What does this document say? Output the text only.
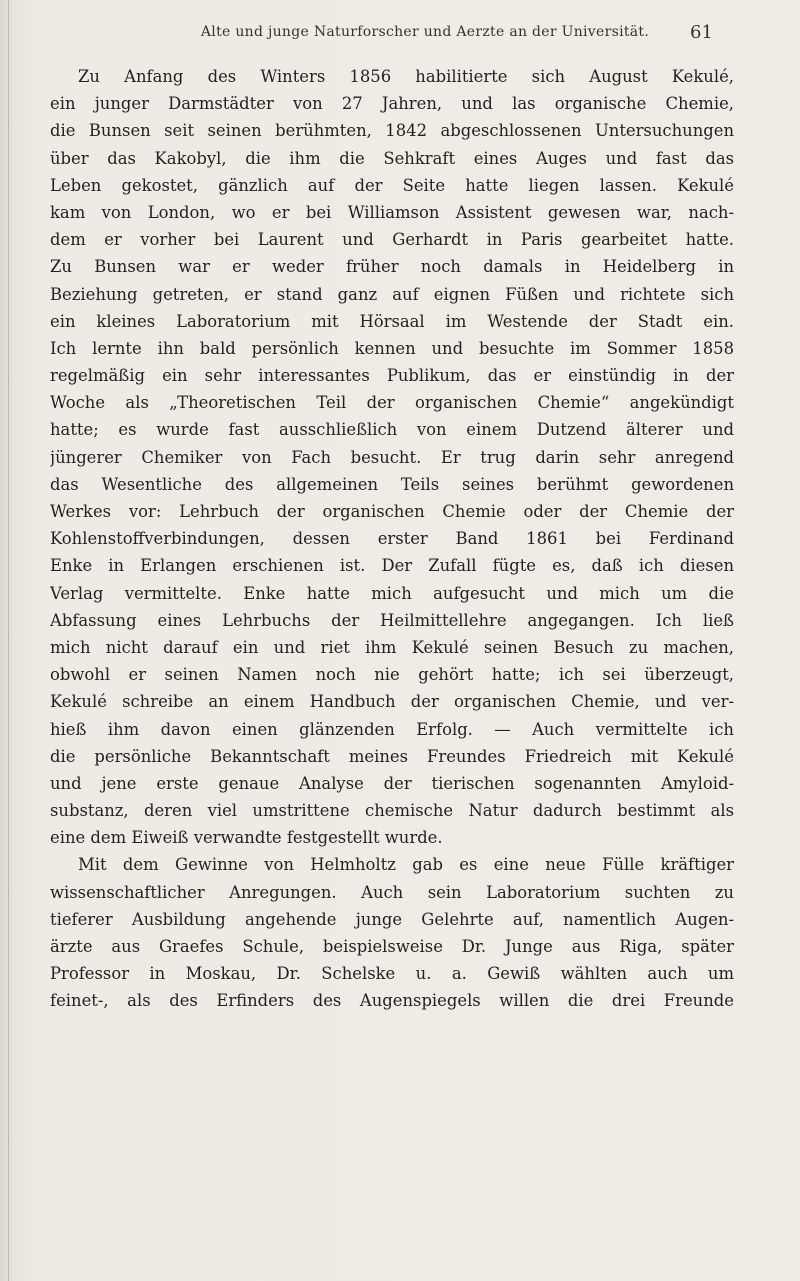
Alte und junge Naturforscher und Aerzte an der Universität.	61
Zu Anfang des Winters 1856 habilitierte sich August Kekulé,
ein junger Darmstädter von 27 Jahren, und las organische Chemie,
die Bunsen seit seinen berühmten, 1842 abgeschlossenen Untersuchungen
über das Kakobyl, die ihm die Sehkraft eines Auges und fast das
Leben gekostet, gänzlich auf der Seite hatte liegen lassen. Kekulé
kam von London, wo er bei Williamson Assistent gewesen war, nach-
dem er vorher bei Laurent und Gerhardt in Paris gearbeitet hatte.
Zu Bunsen war er weder früher noch damals in Heidelberg in
Beziehung getreten, er stand ganz auf eignen Füßen und richtete sich
ein kleines Laboratorium mit Hörsaal im Westende der Stadt ein.
Ich lernte ihn bald persönlich kennen und besuchte im Sommer 1858
regelmäßig ein sehr interessantes Publikum, das er einstündig in der
Woche als „Theoretischen Teil der organischen Chemie“ angekündigt
hatte; es wurde fast ausschließlich von einem Dutzend älterer und
jüngerer Chemiker von Fach besucht. Er trug darin sehr anregend
das Wesentliche des allgemeinen Teils seines berühmt gewordenen
Werkes vor: Lehrbuch der organischen Chemie oder der Chemie der
Kohlenstoffverbindungen, dessen erster Band 1861 bei Ferdinand
Enke in Erlangen erschienen ist. Der Zufall fügte es, daß ich diesen
Verlag vermittelte. Enke hatte mich aufgesucht und mich um die
Abfassung eines Lehrbuchs der Heilmittellehre angegangen. Ich ließ
mich nicht darauf ein und riet ihm Kekulé seinen Besuch zu machen,
obwohl er seinen Namen noch nie gehört hatte; ich sei überzeugt,
Kekulé schreibe an einem Handbuch der organischen Chemie, und ver-
hieß ihm davon einen glänzenden Erfolg. — Auch vermittelte ich
die persönliche Bekanntschaft meines Freundes Friedreich mit Kekulé
und jene erste genaue Analyse der tierischen sogenannten Amyloid-
substanz, deren viel umstrittene chemische Natur dadurch bestimmt als
eine dem Eiweiß verwandte festgestellt wurde.
Mit dem Gewinne von Helmholtz gab es eine neue Fülle kräftiger
wissenschaftlicher Anregungen. Auch sein Laboratorium suchten zu
tieferer Ausbildung angehende junge Gelehrte auf, namentlich Augen-
ärzte aus Graefes Schule, beispielsweise Dr. Junge aus Riga, später
Professor in Moskau, Dr. Schelske u. a. Gewiß wählten auch um
feinet-, als des Erfinders des Augenspiegels willen die drei Freunde
